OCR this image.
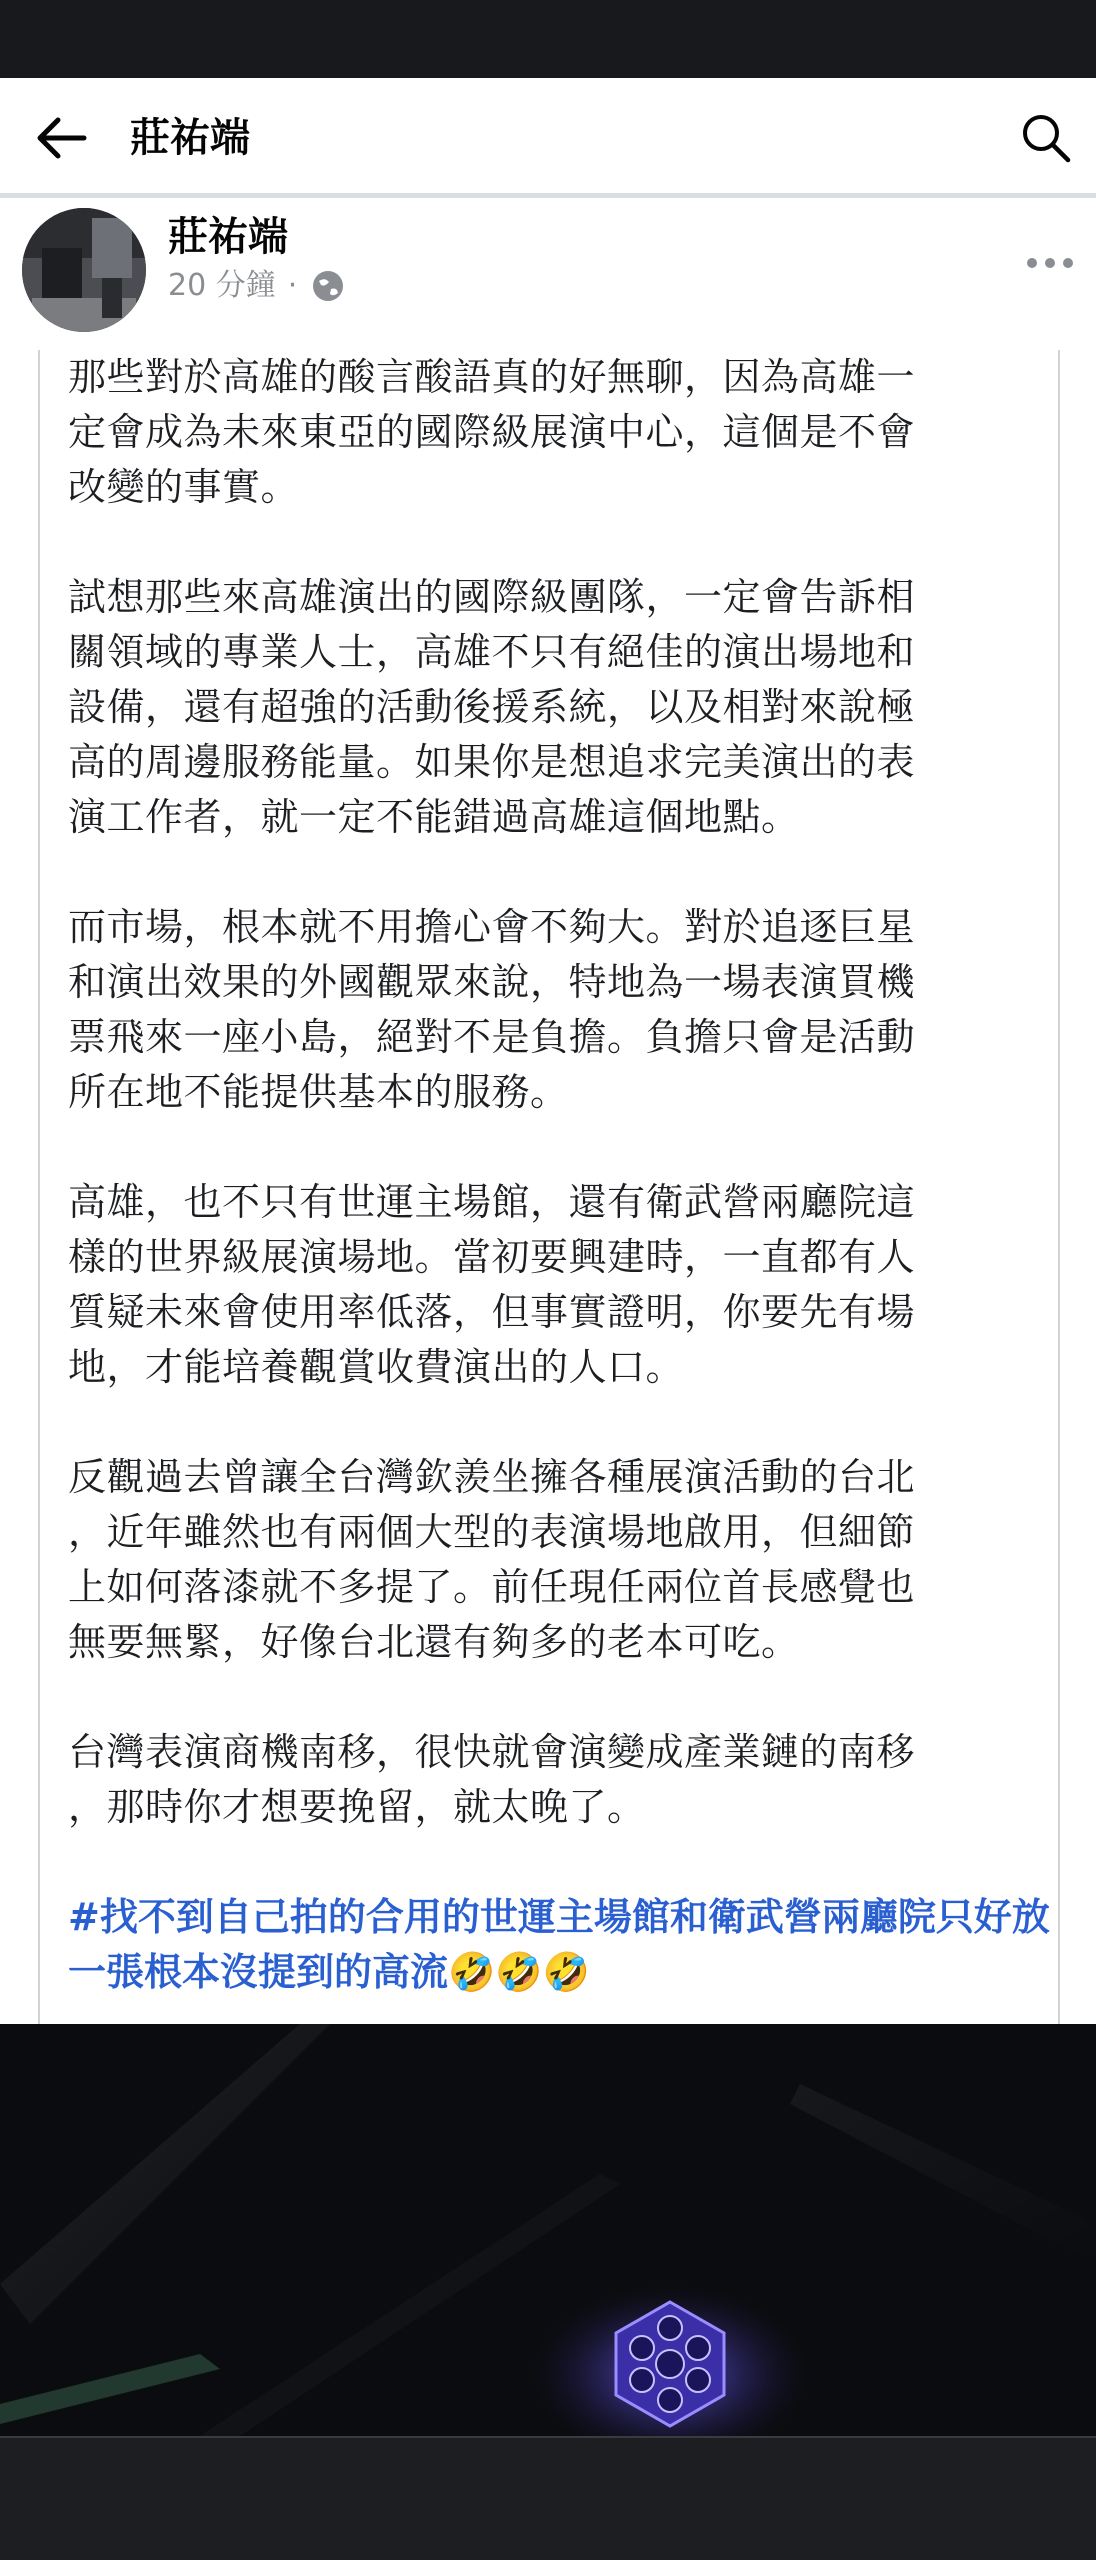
莊祐端
莊祐端
20 分鐘 ·
那些對於高雄的酸言酸語真的好無聊，因為高雄一
定會成為未來東亞的國際級展演中心，這個是不會
改變的事實。

試想那些來高雄演出的國際級團隊，一定會告訴相
關領域的專業人士，高雄不只有絕佳的演出場地和
設備，還有超強的活動後援系統，以及相對來說極
高的周邊服務能量。如果你是想追求完美演出的表
演工作者，就一定不能錯過高雄這個地點。

而市場，根本就不用擔心會不夠大。對於追逐巨星
和演出效果的外國觀眾來說，特地為一場表演買機
票飛來一座小島，絕對不是負擔。負擔只會是活動
所在地不能提供基本的服務。

高雄，也不只有世運主場館，還有衛武營兩廳院這
樣的世界級展演場地。當初要興建時，一直都有人
質疑未來會使用率低落，但事實證明，你要先有場
地，才能培養觀賞收費演出的人口。

反觀過去曾讓全台灣欽羨坐擁各種展演活動的台北
，近年雖然也有兩個大型的表演場地啟用，但細節
上如何落漆就不多提了。前任現任兩位首長感覺也
無要無緊，好像台北還有夠多的老本可吃。

台灣表演商機南移，很快就會演變成產業鏈的南移
，那時你才想要挽留，就太晚了。
#找不到自己拍的合用的世運主場館和衛武營兩廳院只好放一張根本沒提到的高流🤣🤣🤣
